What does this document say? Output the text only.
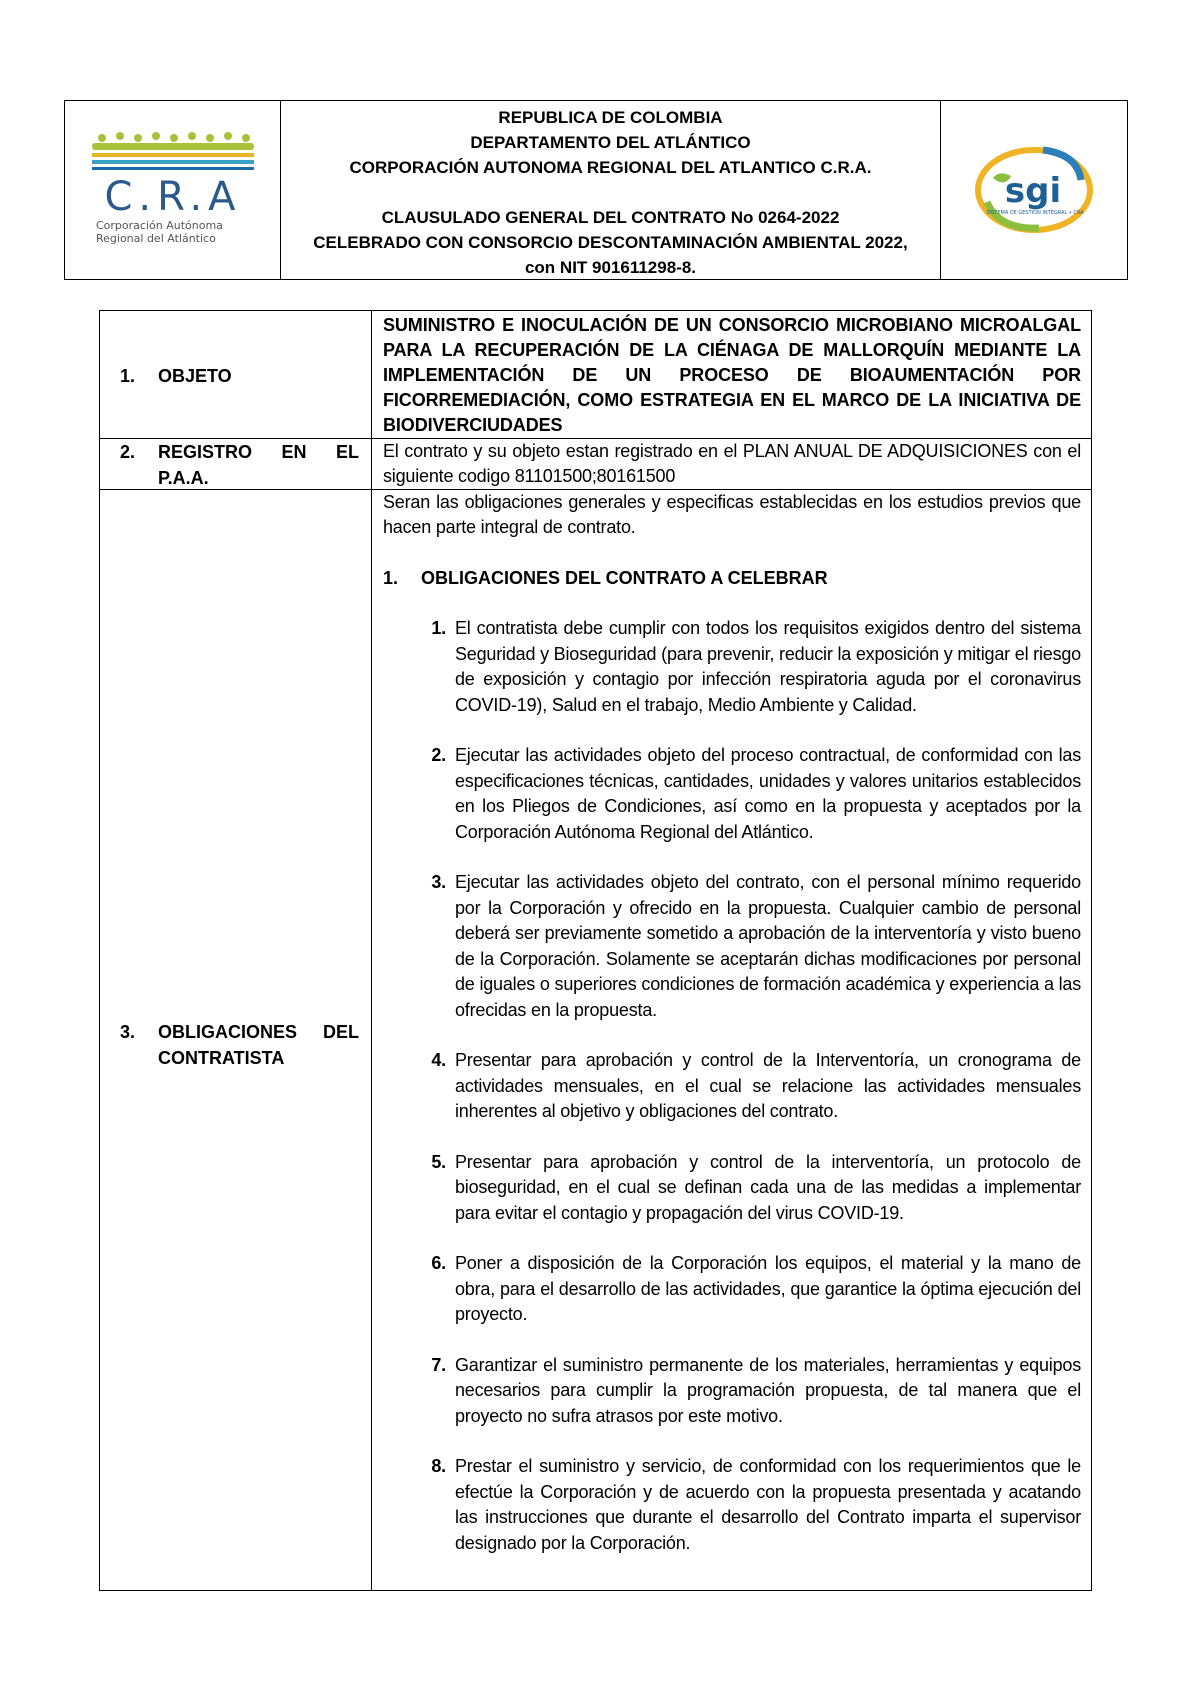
C.R.A
Corporación Autónoma
Regional del Atlántico
REPUBLICA DE COLOMBIA
DEPARTAMENTO DEL ATLÁNTICO
CORPORACIÓN AUTONOMA REGIONAL DEL ATLANTICO C.R.A.
CLAUSULADO GENERAL DEL CONTRATO No 0264-2022
CELEBRADO CON CONSORCIO DESCONTAMINACIÓN AMBIENTAL 2022,
con NIT 901611298-8.
sgi
SISTEMA DE GESTIÓN INTEGRAL • CRA
1. OBJETO
SUMINISTRO E INOCULACIÓN DE UN CONSORCIO MICROBIANO MICROALGAL PARA LA RECUPERACIÓN DE LA CIÉNAGA DE MALLORQUÍN MEDIANTE LA IMPLEMENTACIÓN DE UN PROCESO DE BIOAUMENTACIÓN POR FICORREMEDIACIÓN, COMO ESTRATEGIA EN EL MARCO DE LA INICIATIVA DE BIODIVERCIUDADES
2. REGISTRO EN EL
P.A.A.
El contrato y su objeto estan registrado en el PLAN ANUAL DE ADQUISICIONES con el siguiente codigo 81101500;80161500
3. OBLIGACIONES DEL
CONTRATISTA
Seran las obligaciones generales y especificas establecidas en los estudios previos que hacen parte integral de contrato.
1. OBLIGACIONES DEL CONTRATO A CELEBRAR
1. El contratista debe cumplir con todos los requisitos exigidos dentro del sistema Seguridad y Bioseguridad (para prevenir, reducir la exposición y mitigar el riesgo de exposición y contagio por infección respiratoria aguda por el coronavirus COVID-19), Salud en el trabajo, Medio Ambiente y Calidad.
2. Ejecutar las actividades objeto del proceso contractual, de conformidad con las especificaciones técnicas, cantidades, unidades y valores unitarios establecidos en los Pliegos de Condiciones, así como en la propuesta y aceptados por la Corporación Autónoma Regional del Atlántico.
3. Ejecutar las actividades objeto del contrato, con el personal mínimo requerido por la Corporación y ofrecido en la propuesta. Cualquier cambio de personal deberá ser previamente sometido a aprobación de la interventoría y visto bueno de la Corporación. Solamente se aceptarán dichas modificaciones por personal de iguales o superiores condiciones de formación académica y experiencia a las ofrecidas en la propuesta.
4. Presentar para aprobación y control de la Interventoría, un cronograma de actividades mensuales, en el cual se relacione las actividades mensuales inherentes al objetivo y obligaciones del contrato.
5. Presentar para aprobación y control de la interventoría, un protocolo de bioseguridad, en el cual se definan cada una de las medidas a implementar para evitar el contagio y propagación del virus COVID-19.
6. Poner a disposición de la Corporación los equipos, el material y la mano de obra, para el desarrollo de las actividades, que garantice la óptima ejecución del proyecto.
7. Garantizar el suministro permanente de los materiales, herramientas y equipos necesarios para cumplir la programación propuesta, de tal manera que el proyecto no sufra atrasos por este motivo.
8. Prestar el suministro y servicio, de conformidad con los requerimientos que le efectúe la Corporación y de acuerdo con la propuesta presentada y acatando las instrucciones que durante el desarrollo del Contrato imparta el supervisor designado por la Corporación.
